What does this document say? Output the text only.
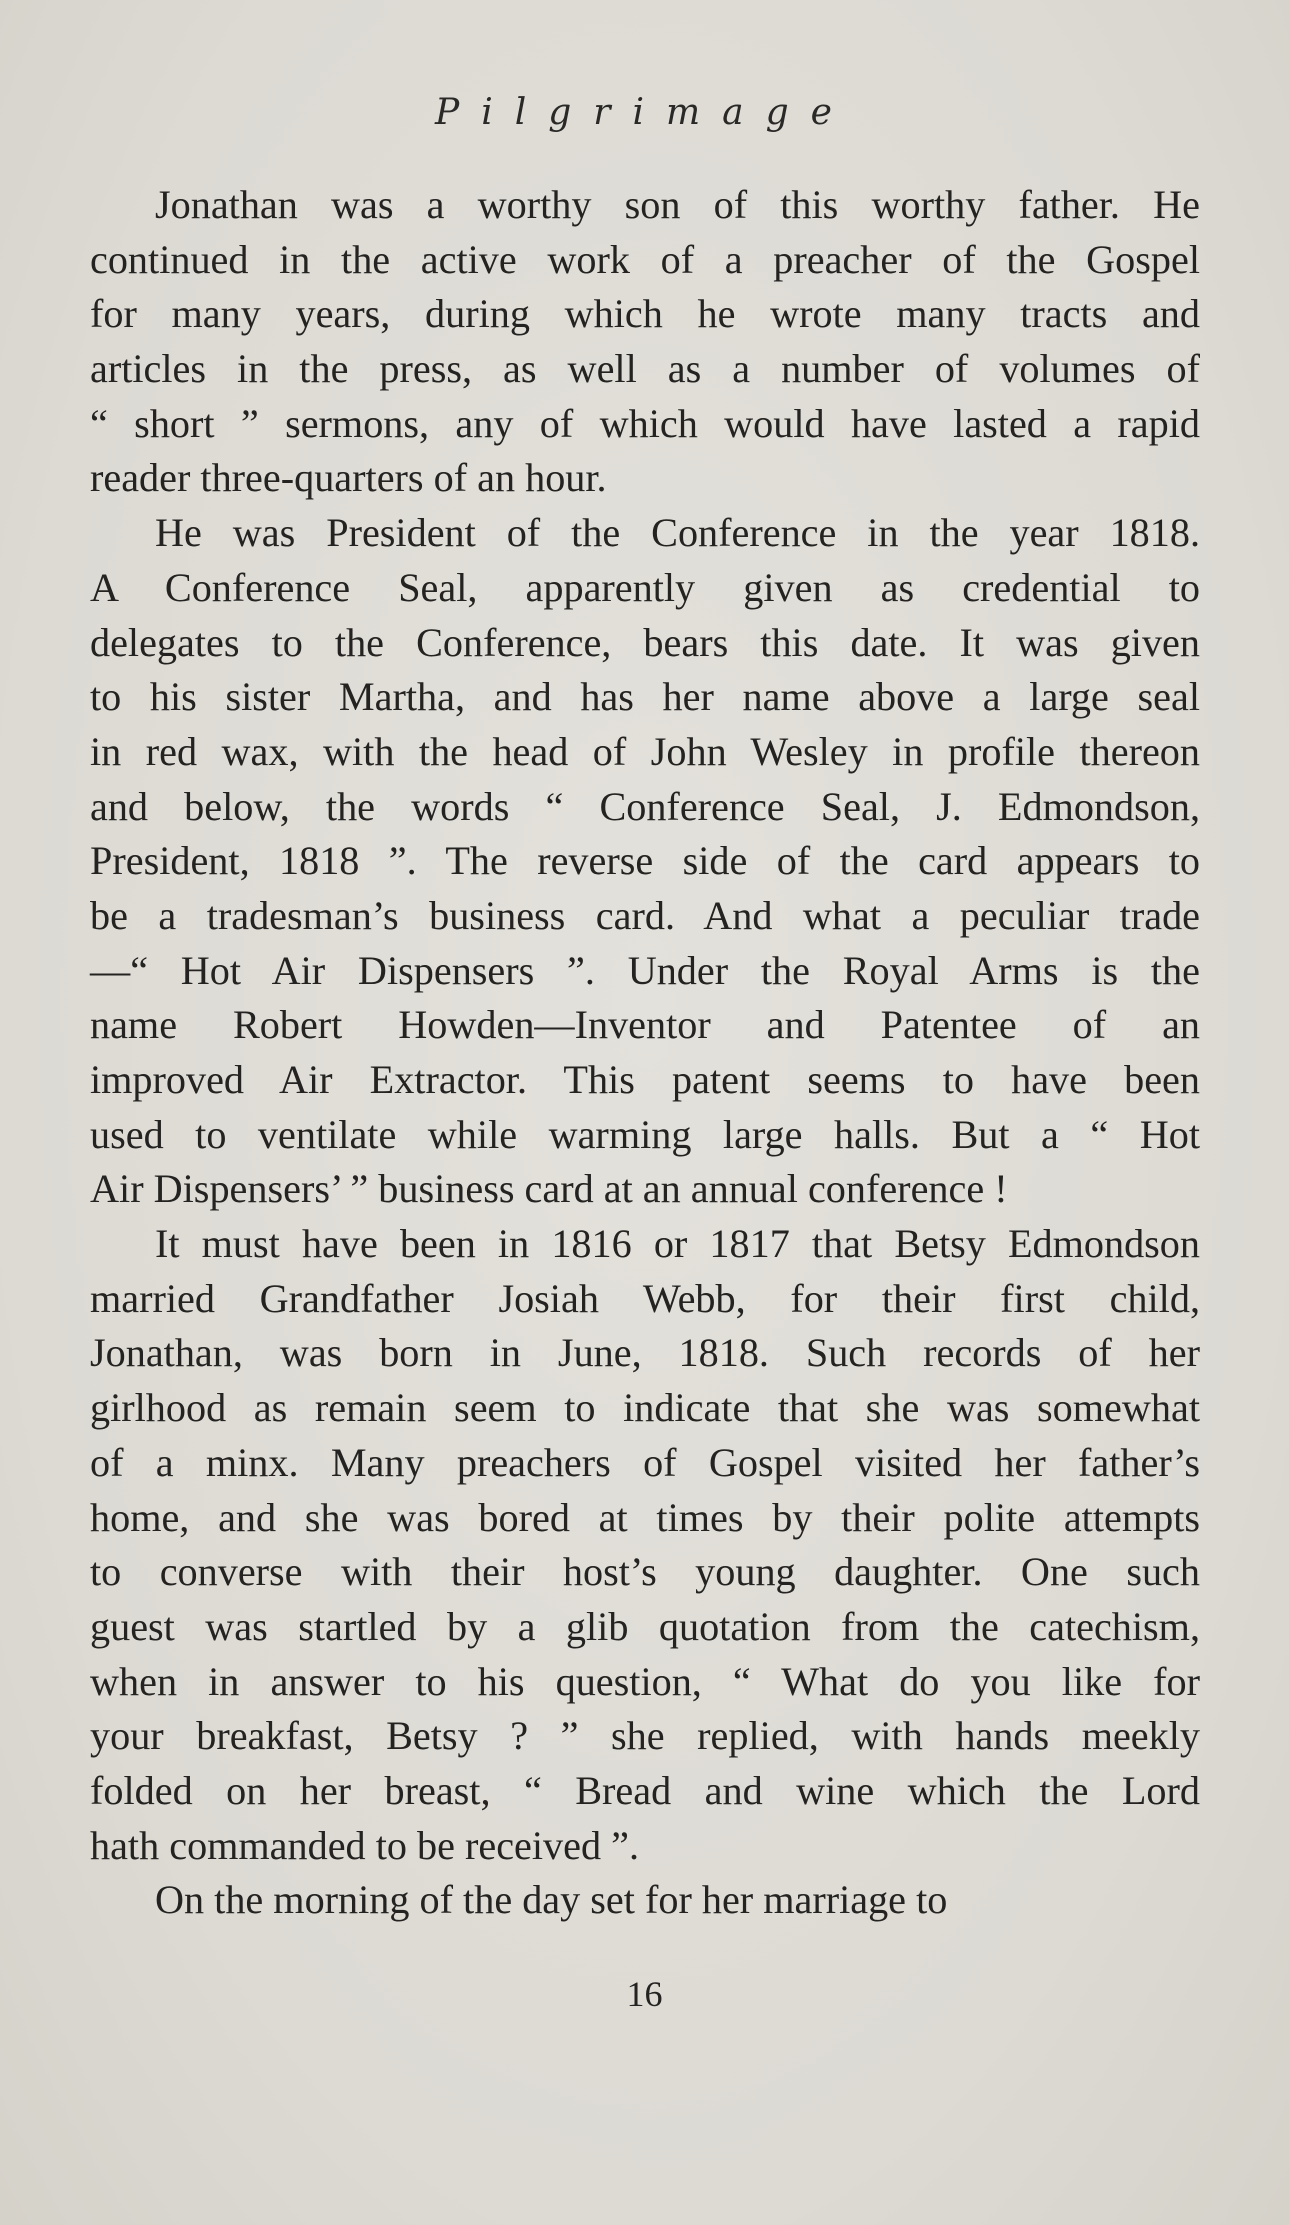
Pilgrimage
Jonathan was a worthy son of this worthy father. He
continued in the active work of a preacher of the Gospel
for many years, during which he wrote many tracts and
articles in the press, as well as a number of volumes of
“ short ” sermons, any of which would have lasted a rapid
reader three-quarters of an hour.
He was President of the Conference in the year 1818.
A Conference Seal, apparently given as credential to
delegates to the Conference, bears this date. It was given
to his sister Martha, and has her name above a large seal
in red wax, with the head of John Wesley in profile thereon
and below, the words “ Conference Seal, J. Edmondson,
President, 1818 ”. The reverse side of the card appears to
be a tradesman’s business card. And what a peculiar trade
—“ Hot Air Dispensers ”. Under the Royal Arms is the
name Robert Howden—Inventor and Patentee of an
improved Air Extractor. This patent seems to have been
used to ventilate while warming large halls. But a “ Hot
Air Dispensers’ ” business card at an annual conference !
It must have been in 1816 or 1817 that Betsy Edmondson
married Grandfather Josiah Webb, for their first child,
Jonathan, was born in June, 1818. Such records of her
girlhood as remain seem to indicate that she was somewhat
of a minx. Many preachers of Gospel visited her father’s
home, and she was bored at times by their polite attempts
to converse with their host’s young daughter. One such
guest was startled by a glib quotation from the catechism,
when in answer to his question, “ What do you like for
your breakfast, Betsy ? ” she replied, with hands meekly
folded on her breast, “ Bread and wine which the Lord
hath commanded to be received ”.
On the morning of the day set for her marriage to
16
